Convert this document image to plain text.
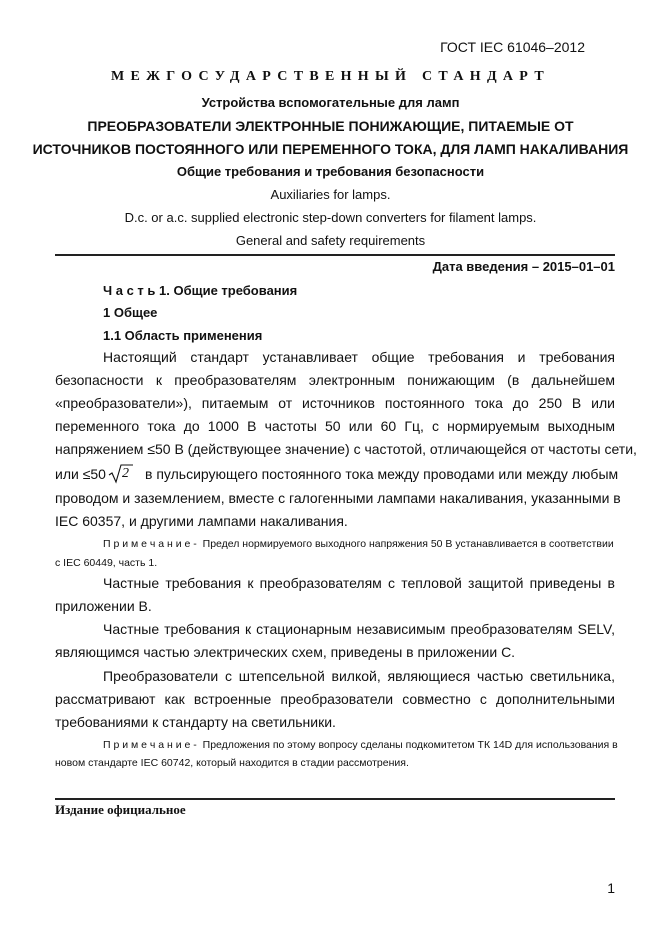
ГОСТ IEC 61046–2012
МЕЖГОСУДАРСТВЕННЫЙ СТАНДАРТ
Устройства вспомогательные для ламп
ПРЕОБРАЗОВАТЕЛИ ЭЛЕКТРОННЫЕ ПОНИЖАЮЩИЕ, ПИТАЕМЫЕ ОТ
ИСТОЧНИКОВ ПОСТОЯННОГО ИЛИ ПЕРЕМЕННОГО ТОКА, ДЛЯ ЛАМП НАКАЛИВАНИЯ
Общие требования и требования безопасности
Auxiliaries for lamps.
D.c. or a.c. supplied electronic step-down converters for filament lamps.
General and safety requirements
Дата введения – 2015–01–01
Ч а с т ь 1. Общие требования
1 Общее
1.1 Область применения
Настоящий стандарт устанавливает общие требования и требования
безопасности к преобразователям электронным понижающим (в дальнейшем
«преобразователи»), питаемым от источников постоянного тока до 250 В или
переменного тока до 1000 В частоты 50 или 60 Гц, с нормируемым выходным
напряжением ≤50 В (действующее значение) с частотой, отличающейся от частоты сети,
или ≤50 2 в пульсирующего постоянного тока между проводами или между любым
проводом и заземлением, вместе с галогенными лампами накаливания, указанными в
IEC 60357, и другими лампами накаливания.
П р и м е ч а н и е - Предел нормируемого выходного напряжения 50 В устанавливается в соответствии
с IEC 60449, часть 1.
Частные требования к преобразователям с тепловой защитой приведены в
приложении В.
Частные требования к стационарным независимым преобразователям SELV,
являющимся частью электрических схем, приведены в приложении С.
Преобразователи с штепсельной вилкой, являющиеся частью светильника,
рассматривают как встроенные преобразователи совместно с дополнительными
требованиями к стандарту на светильники.
П р и м е ч а н и е - Предложения по этому вопросу сделаны подкомитетом ТК 14D для использования в
новом стандарте IEC 60742, который находится в стадии рассмотрения.
Издание официальное
1
